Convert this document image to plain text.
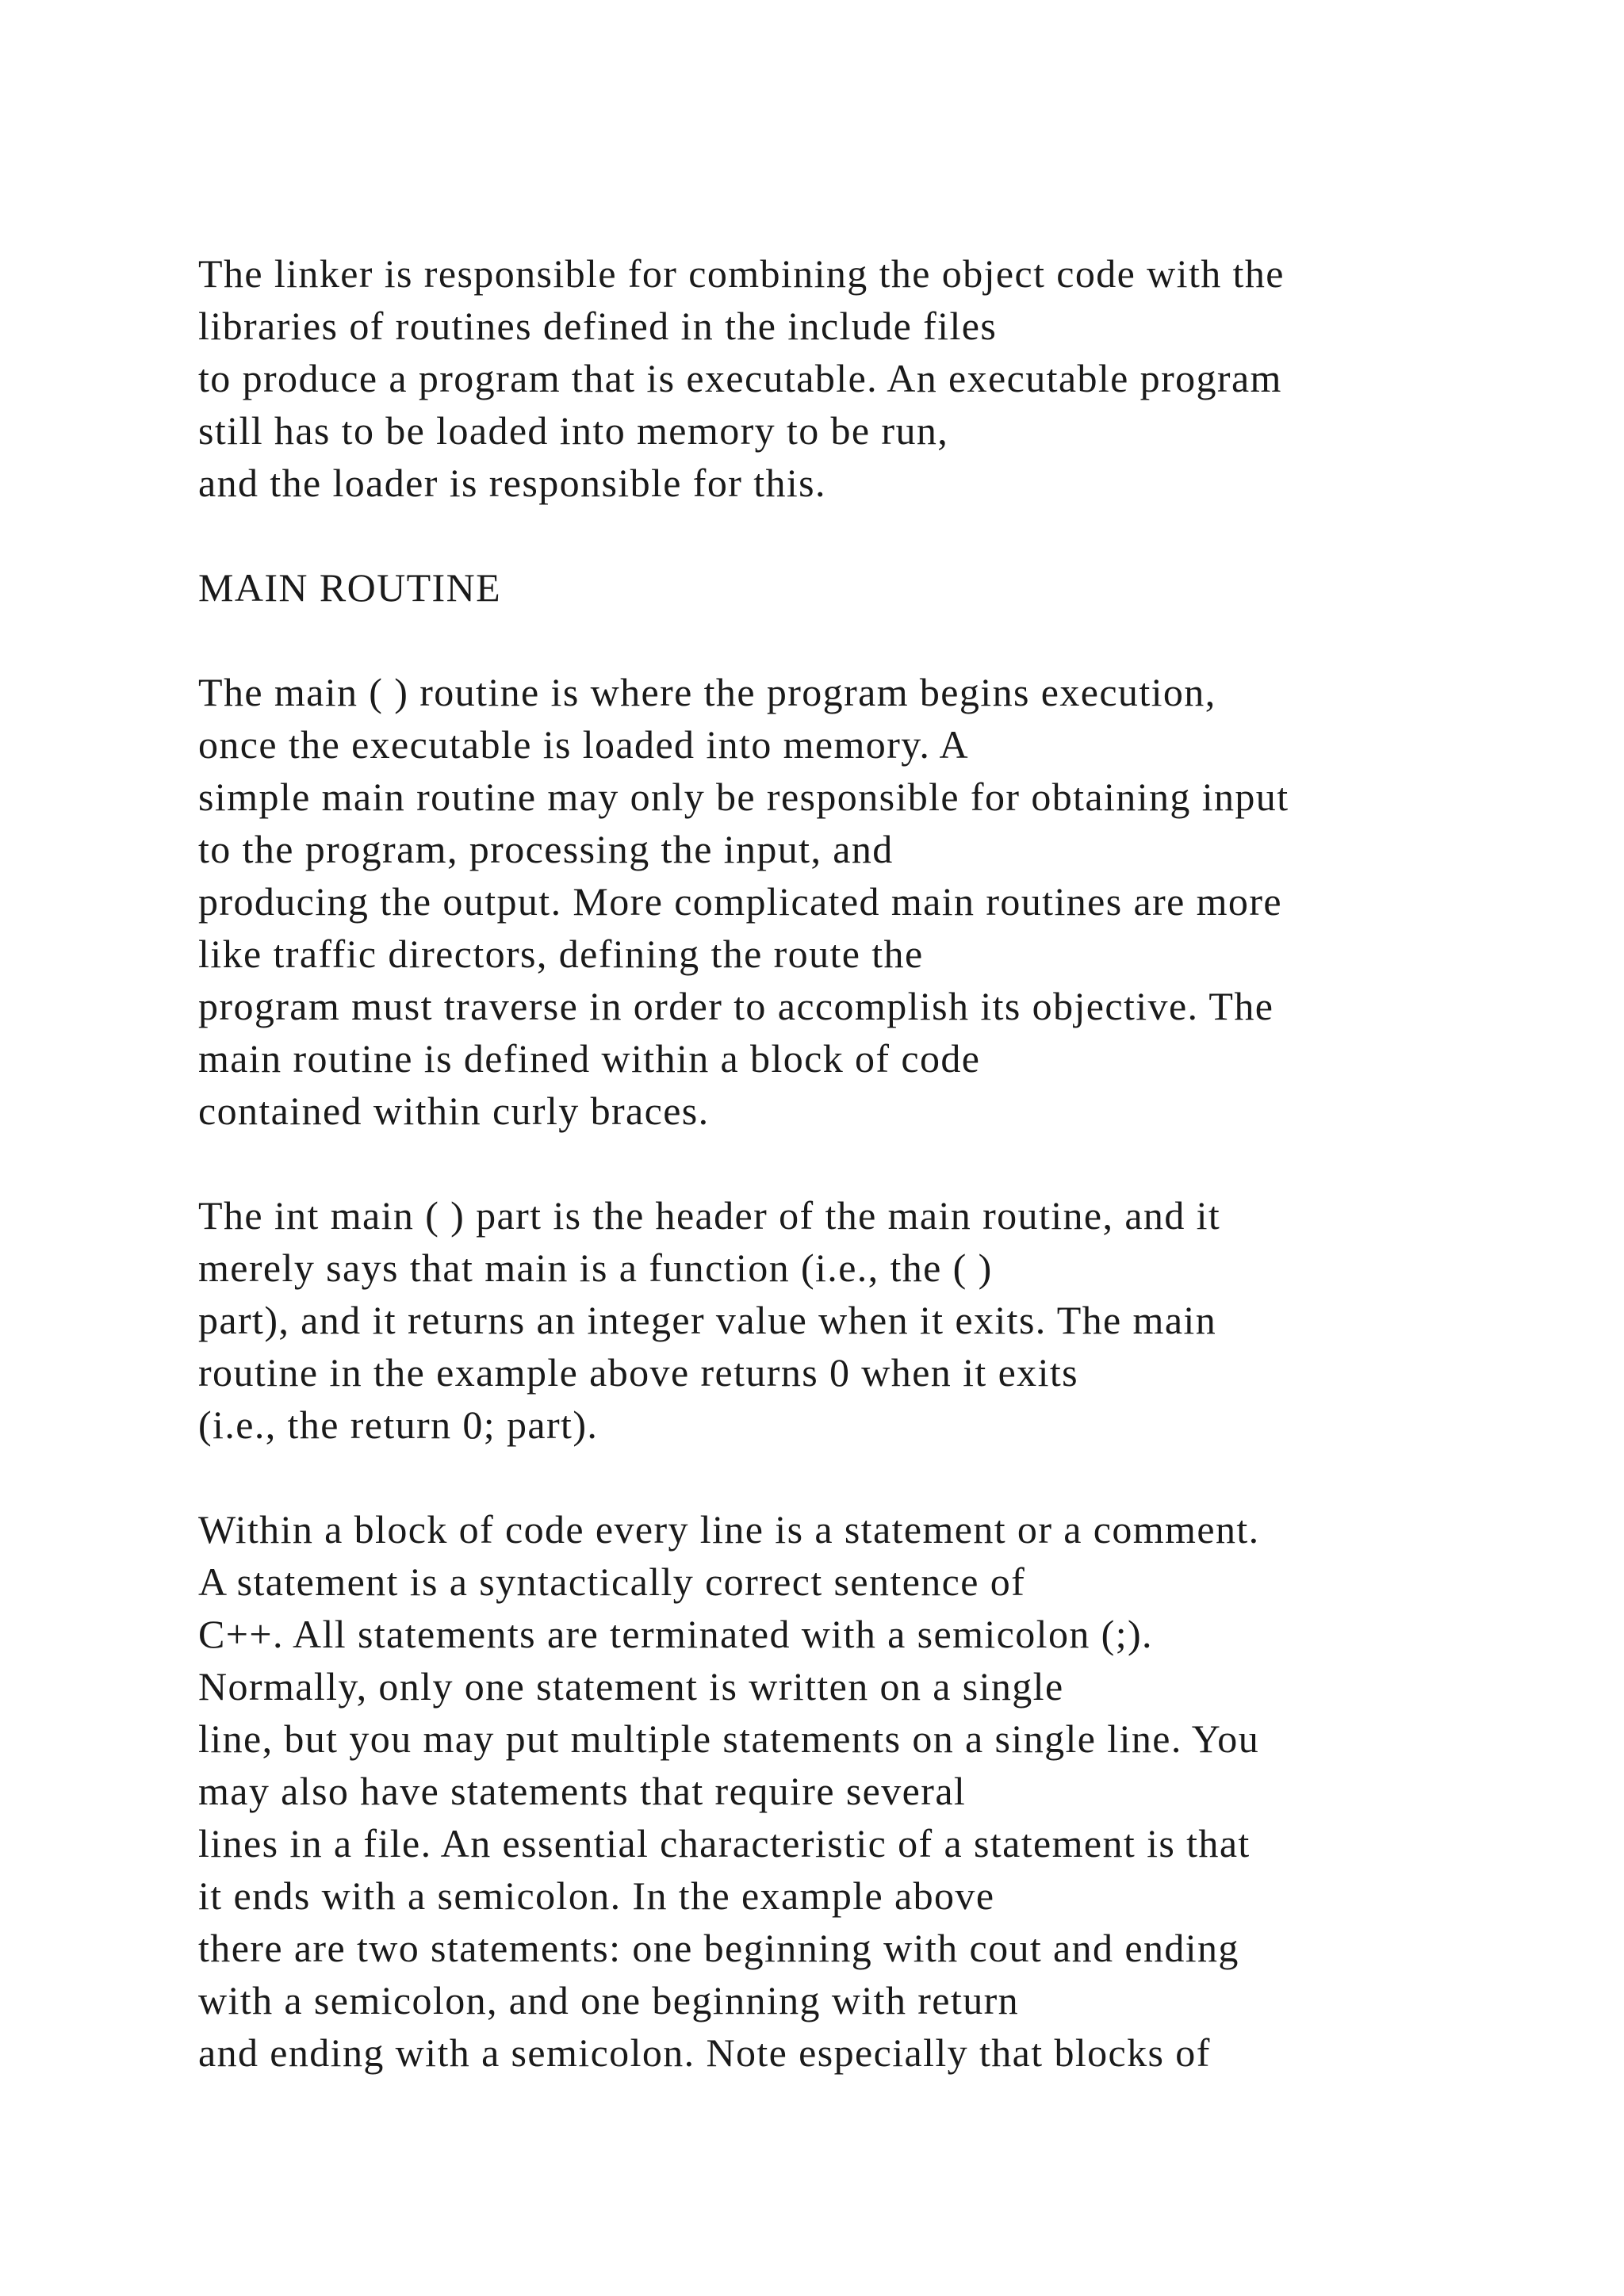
The linker is responsible for combining the object code with the
libraries of routines defined in the include files
to produce a program that is executable. An executable program
still has to be loaded into memory to be run,
and the loader is responsible for this.
MAIN ROUTINE
The main ( ) routine is where the program begins execution,
once the executable is loaded into memory. A
simple main routine may only be responsible for obtaining input
to the program, processing the input, and
producing the output. More complicated main routines are more
like traffic directors, defining the route the
program must traverse in order to accomplish its objective. The
main routine is defined within a block of code
contained within curly braces.
The int main ( ) part is the header of the main routine, and it
merely says that main is a function (i.e., the ( )
part), and it returns an integer value when it exits. The main
routine in the example above returns 0 when it exits
(i.e., the return 0; part).
Within a block of code every line is a statement or a comment.
A statement is a syntactically correct sentence of
C++. All statements are terminated with a semicolon (;).
Normally, only one statement is written on a single
line, but you may put multiple statements on a single line. You
may also have statements that require several
lines in a file. An essential characteristic of a statement is that
it ends with a semicolon. In the example above
there are two statements: one beginning with cout and ending
with a semicolon, and one beginning with return
and ending with a semicolon. Note especially that blocks of
